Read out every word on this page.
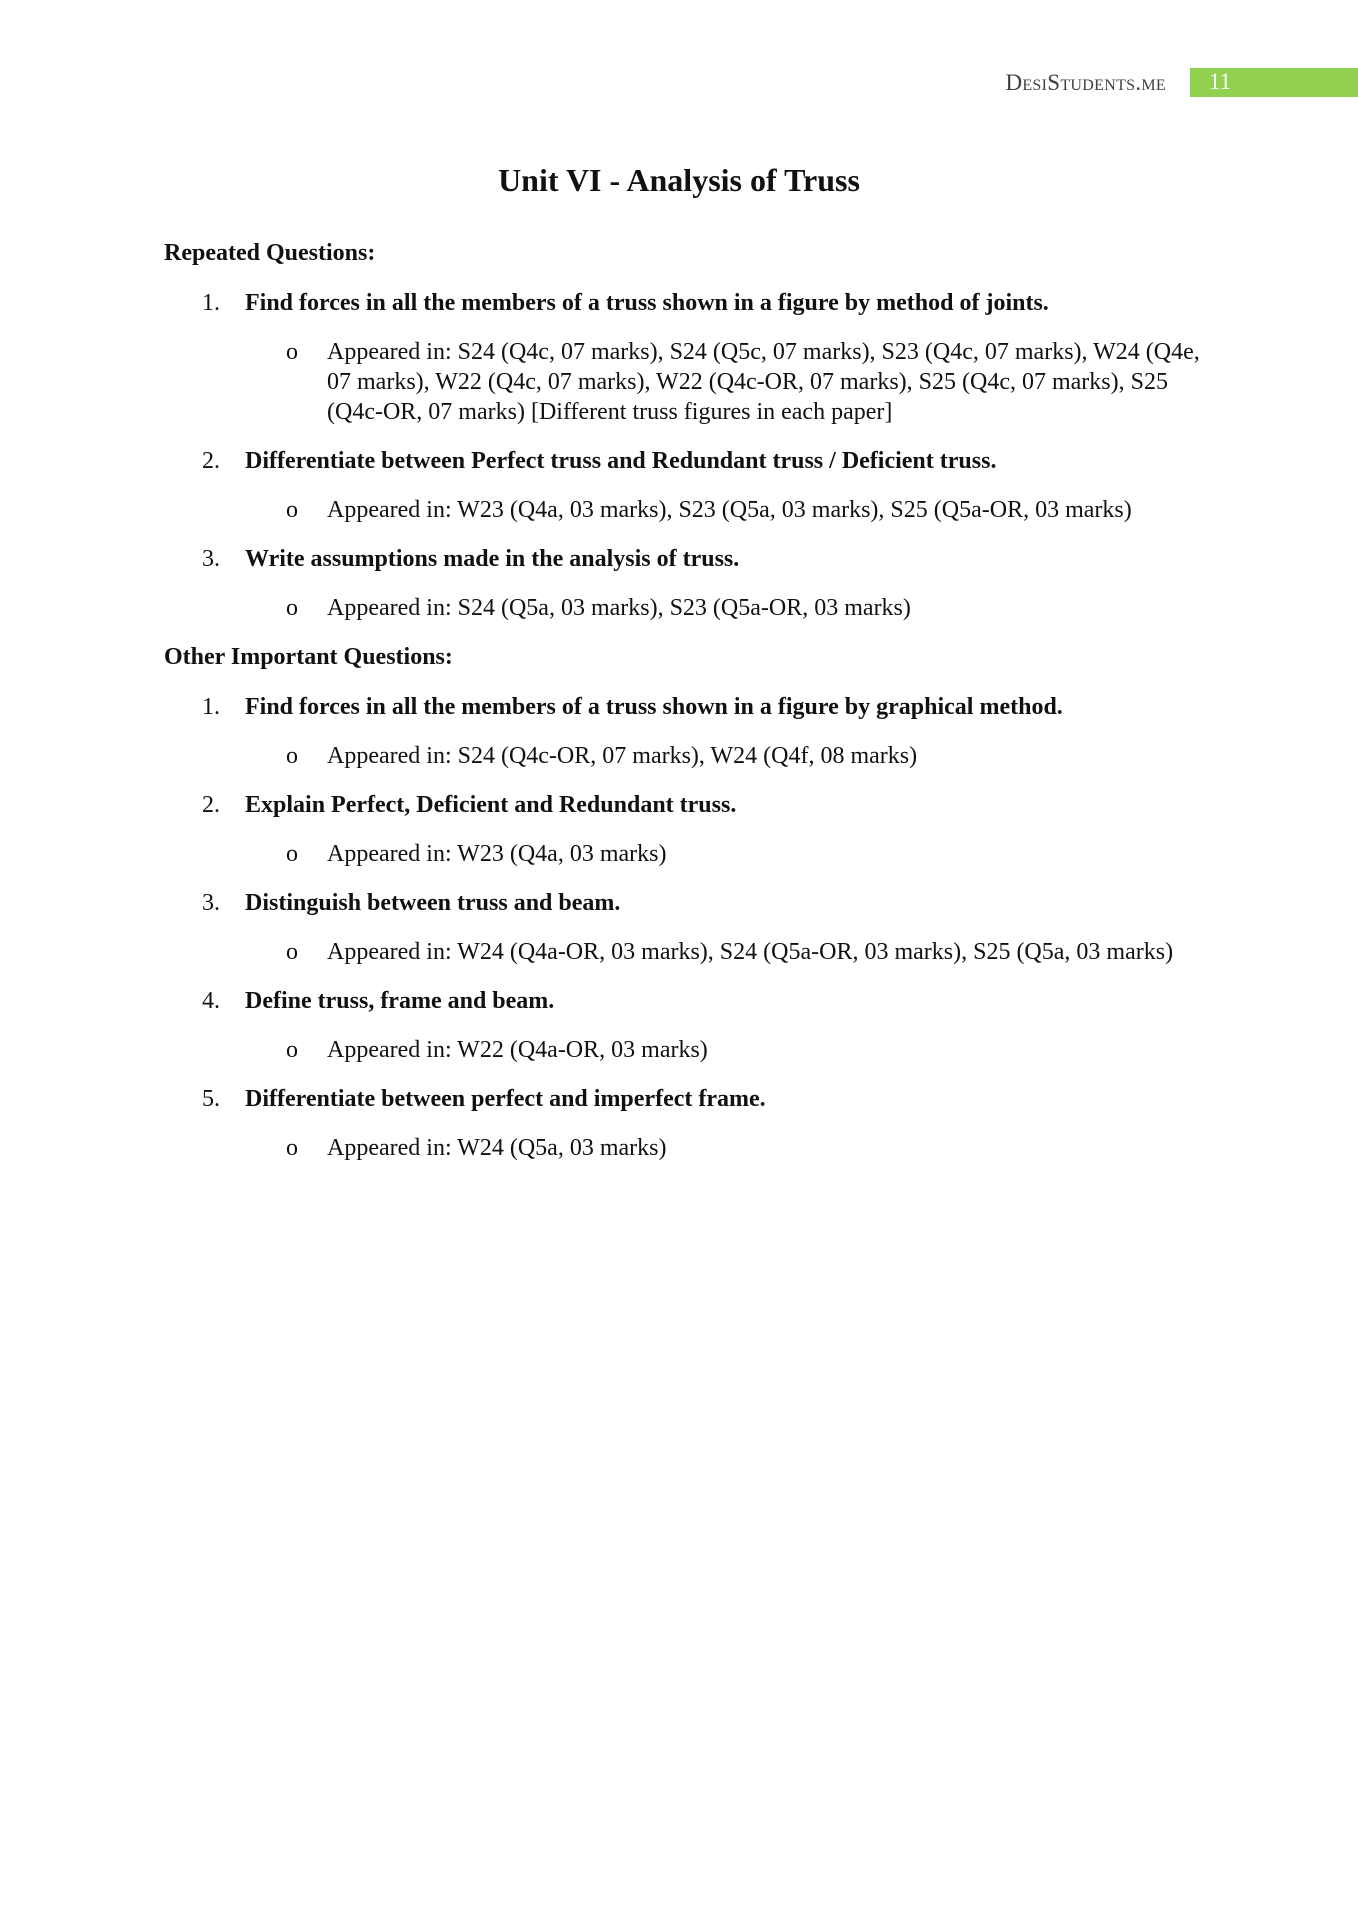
DesiStudents.me 11
Unit VI - Analysis of Truss

Repeated Questions:

1. Find forces in all the members of a truss shown in a figure by method of joints.

o Appeared in: S24 (Q4c, 07 marks), S24 (Q5c, 07 marks), S23 (Q4c, 07 marks), W24 (Q4e, 07 marks), W22 (Q4c, 07 marks), W22 (Q4c-OR, 07 marks), S25 (Q4c, 07 marks), S25 (Q4c-OR, 07 marks) [Different truss figures in each paper]

2. Differentiate between Perfect truss and Redundant truss / Deficient truss.

o Appeared in: W23 (Q4a, 03 marks), S23 (Q5a, 03 marks), S25 (Q5a-OR, 03 marks)

3. Write assumptions made in the analysis of truss.

o Appeared in: S24 (Q5a, 03 marks), S23 (Q5a-OR, 03 marks)

Other Important Questions:

1. Find forces in all the members of a truss shown in a figure by graphical method.

o Appeared in: S24 (Q4c-OR, 07 marks), W24 (Q4f, 08 marks)

2. Explain Perfect, Deficient and Redundant truss.

o Appeared in: W23 (Q4a, 03 marks)

3. Distinguish between truss and beam.

o Appeared in: W24 (Q4a-OR, 03 marks), S24 (Q5a-OR, 03 marks), S25 (Q5a, 03 marks)

4. Define truss, frame and beam.

o Appeared in: W22 (Q4a-OR, 03 marks)

5. Differentiate between perfect and imperfect frame.

o Appeared in: W24 (Q5a, 03 marks)
